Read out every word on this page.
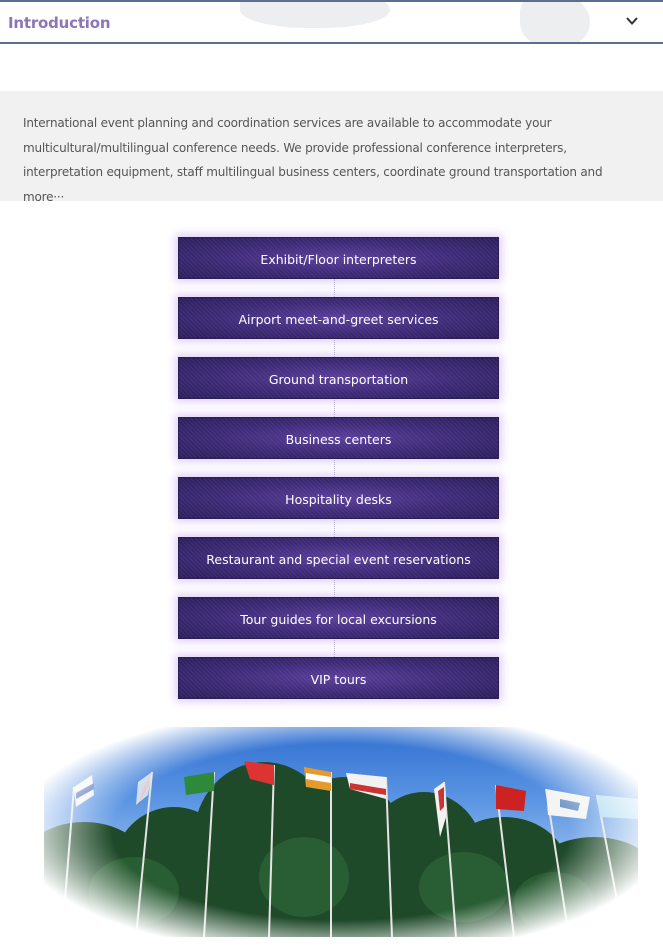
Introduction
International event planning and coordination services are available to accommodate your multicultural/multilingual conference needs. We provide professional conference interpreters, interpretation equipment, staff multilingual business centers, coordinate ground transportation and more···
Exhibit/Floor interpreters
Airport meet-and-greet services
Ground transportation
Business centers
Hospitality desks
Restaurant and special event reservations
Tour guides for local excursions
VIP tours
